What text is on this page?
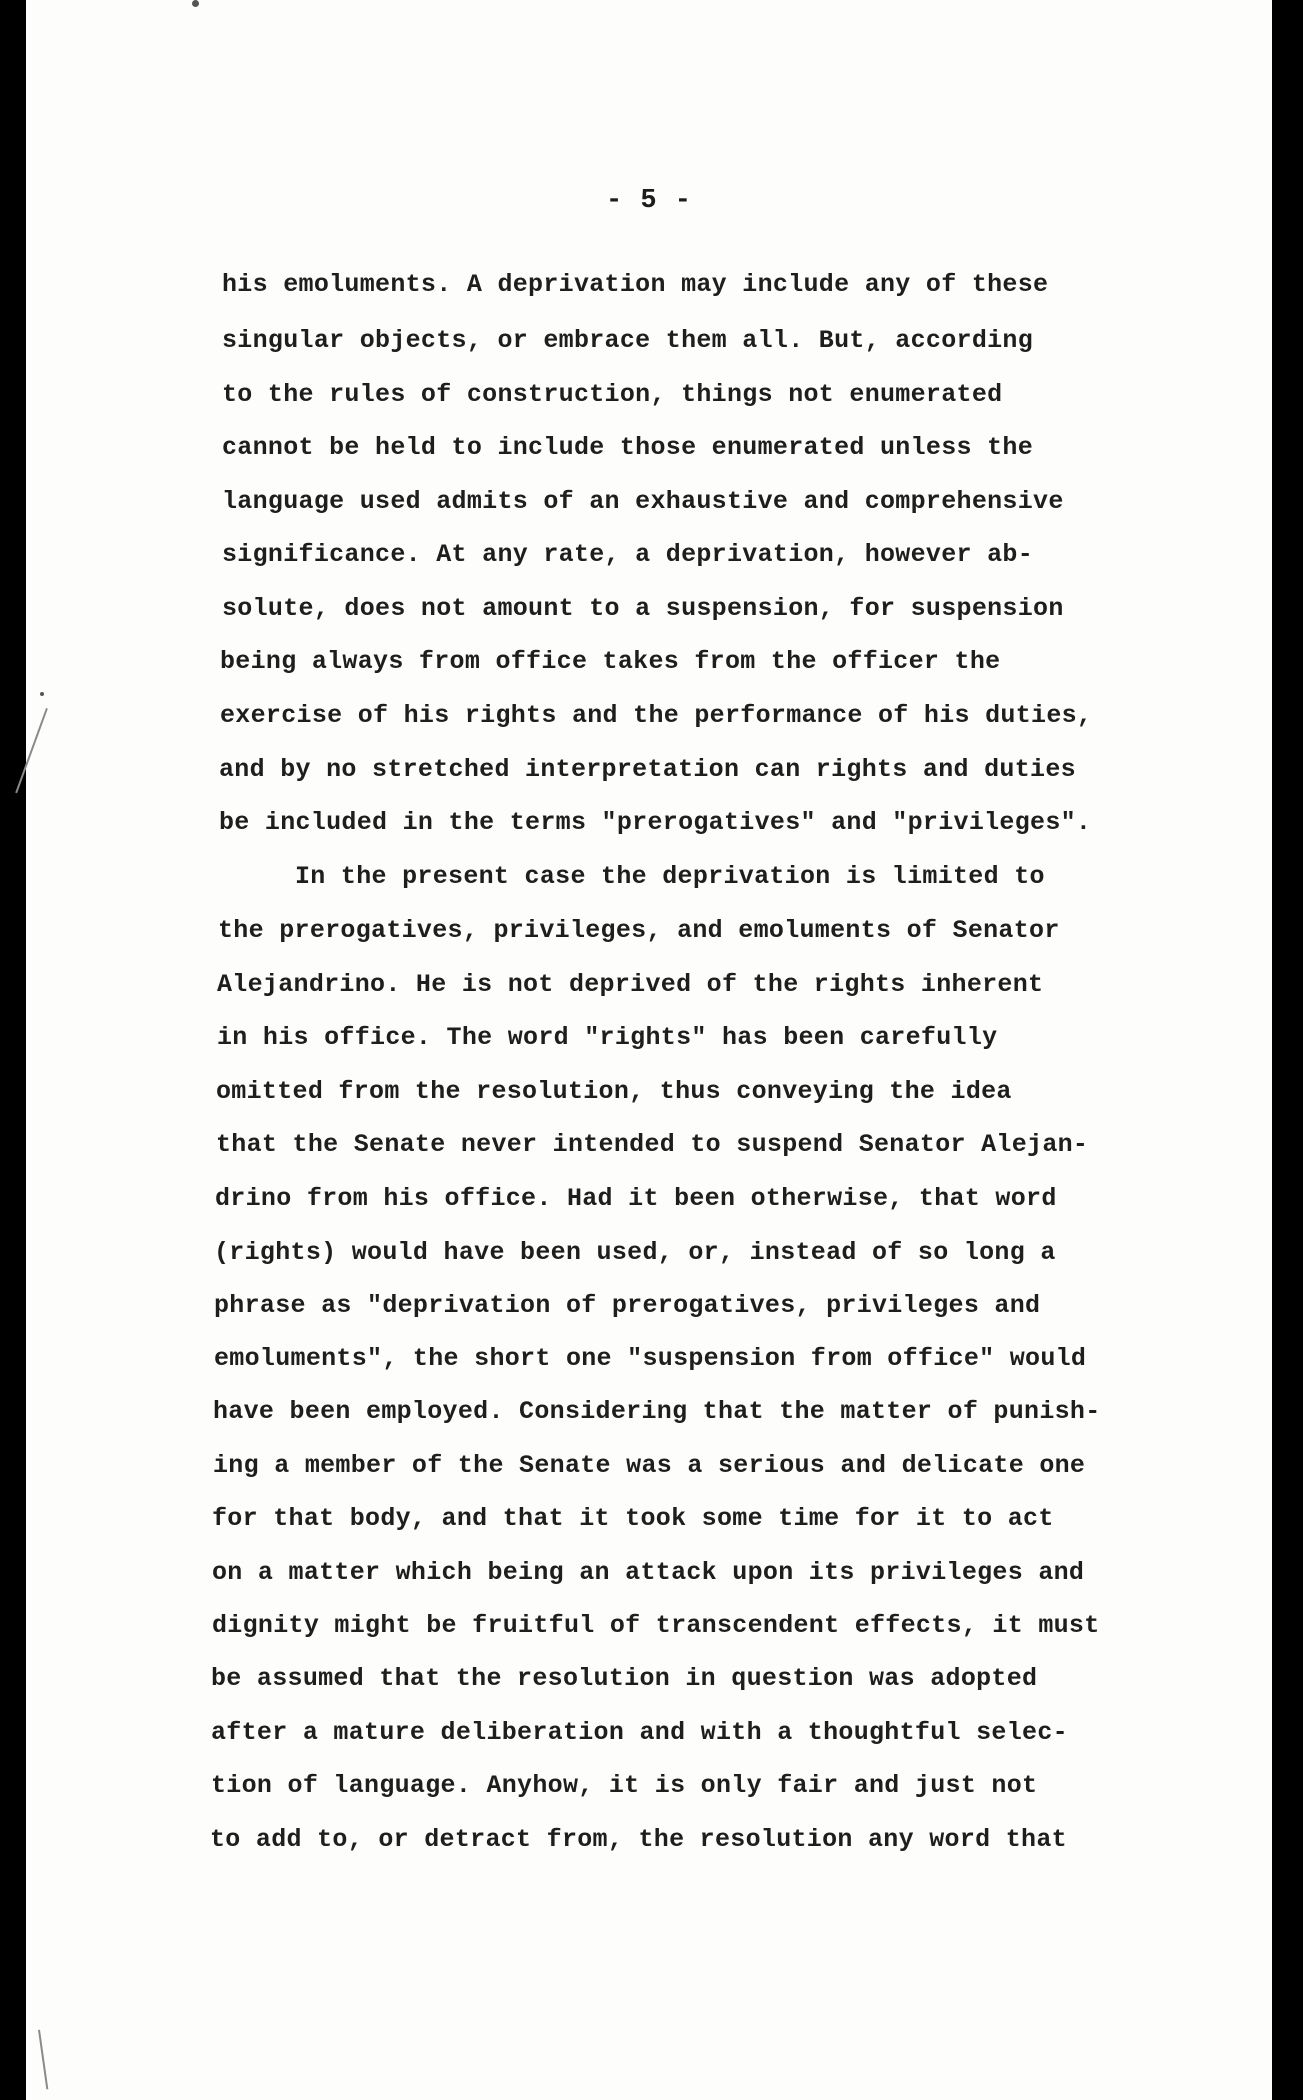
- 5 -
his emoluments. A deprivation may include any of these
singular objects, or embrace them all. But, according
to the rules of construction, things not enumerated
cannot be held to include those enumerated unless the
language used admits of an exhaustive and comprehensive
significance. At any rate, a deprivation, however ab-
solute, does not amount to a suspension, for suspension
being always from office takes from the officer the
exercise of his rights and the performance of his duties,
and by no stretched interpretation can rights and duties
be included in the terms "prerogatives" and "privileges".
In the present case the deprivation is limited to
the prerogatives, privileges, and emoluments of Senator
Alejandrino. He is not deprived of the rights inherent
in his office. The word "rights" has been carefully
omitted from the resolution, thus conveying the idea
that the Senate never intended to suspend Senator Alejan-
drino from his office. Had it been otherwise, that word
(rights) would have been used, or, instead of so long a
phrase as "deprivation of prerogatives, privileges and
emoluments", the short one "suspension from office" would
have been employed. Considering that the matter of punish-
ing a member of the Senate was a serious and delicate one
for that body, and that it took some time for it to act
on a matter which being an attack upon its privileges and
dignity might be fruitful of transcendent effects, it must
be assumed that the resolution in question was adopted
after a mature deliberation and with a thoughtful selec-
tion of language. Anyhow, it is only fair and just not
to add to, or detract from, the resolution any word that
